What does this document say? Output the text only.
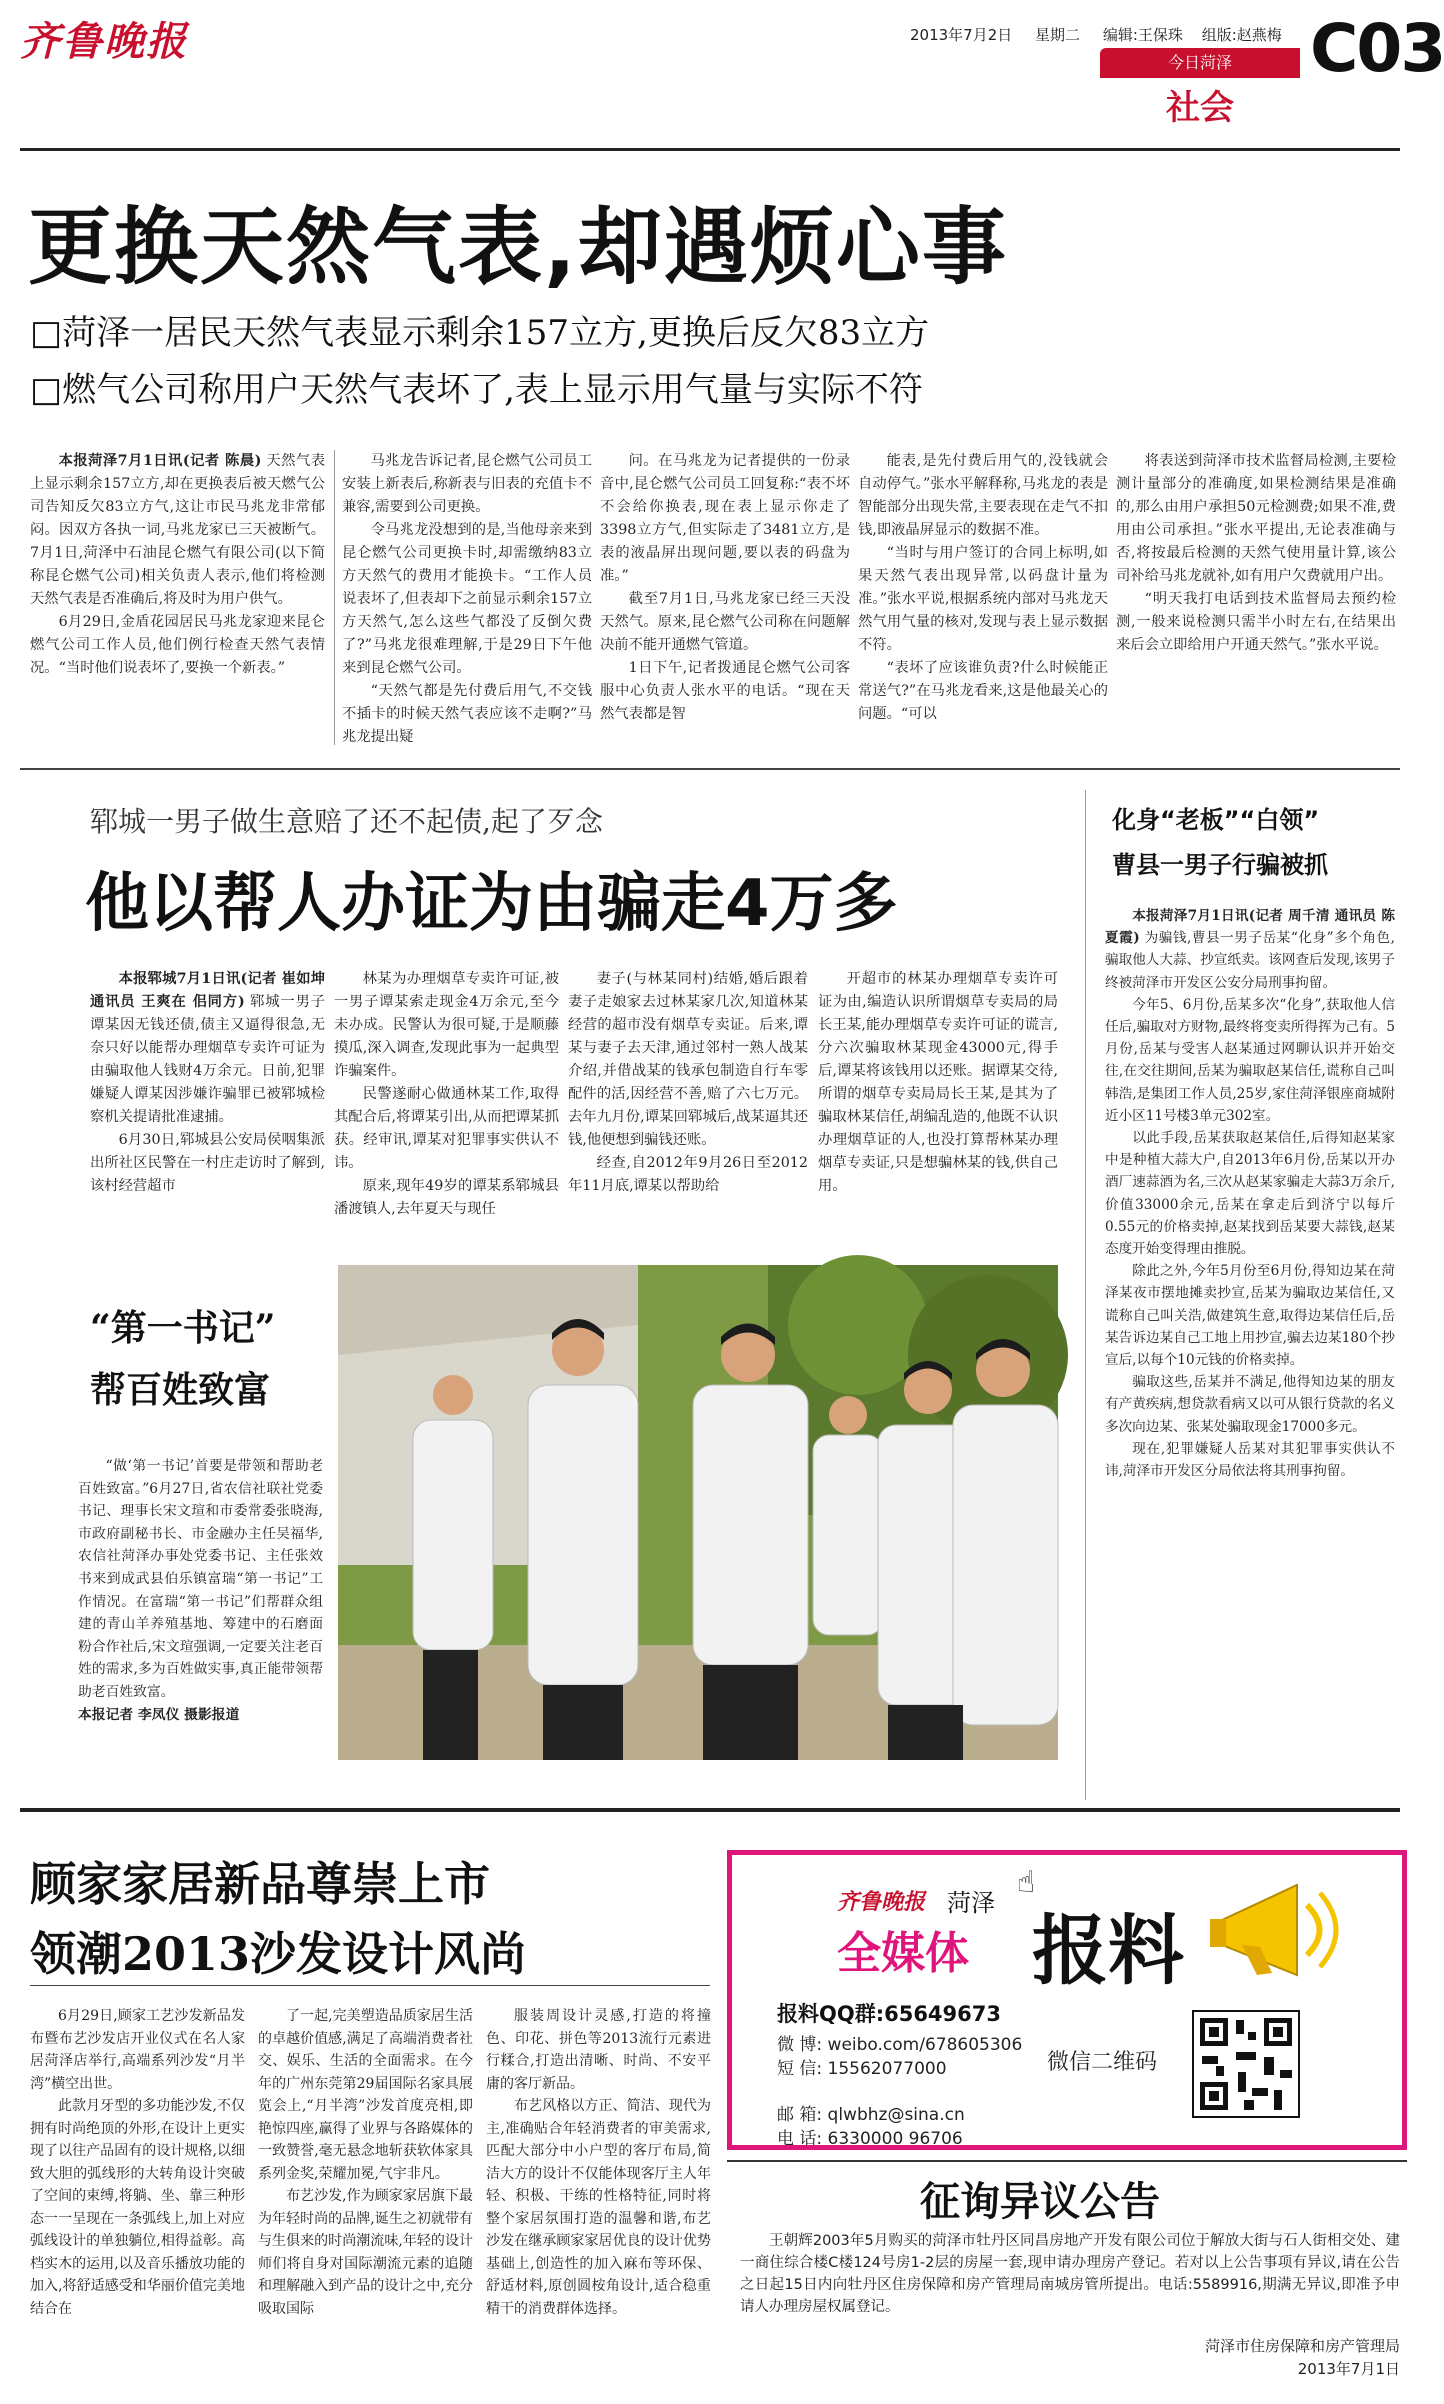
齐鲁晚报	2013年7月2日 星期二 编辑:王保珠 组版:赵燕梅
今日菏泽
社会
C03
更换天然气表,却遇烦心事
□菏泽一居民天然气表显示剩余157立方,更换后反欠83立方
□燃气公司称用户天然气表坏了,表上显示用气量与实际不符

本报菏泽7月1日讯(记者 陈晨) 天然气表上显示剩余157立方,却在更换表后被天燃气公司告知反欠83立方气,这让市民马兆龙非常郁闷。因双方各执一词,马兆龙家已三天被断气。7月1日,菏泽中石油昆仑燃气有限公司(以下简称昆仑燃气公司)相关负责人表示,他们将检测天然气表是否准确后,将及时为用户供气。

6月29日,金盾花园居民马兆龙家迎来昆仑燃气公司工作人员,他们例行检查天然气表情况。“当时他们说表坏了,要换一个新表。”

马兆龙告诉记者,昆仑燃气公司员工安装上新表后,称新表与旧表的充值卡不兼容,需要到公司更换。

令马兆龙没想到的是,当他母亲来到昆仑燃气公司更换卡时,却需缴纳83立方天然气的费用才能换卡。“工作人员说表坏了,但表却下之前显示剩余157立方天然气,怎么这些气都没了反倒欠费了?”马兆龙很难理解,于是29日下午他来到昆仑燃气公司。

“天然气都是先付费后用气,不交钱不插卡的时候天然气表应该不走啊?”马兆龙提出疑

问。在马兆龙为记者提供的一份录音中,昆仑燃气公司员工回复称:“表不坏不会给你换表,现在表上显示你走了3398立方气,但实际走了3481立方,是表的液晶屏出现问题,要以表的码盘为准。”

截至7月1日,马兆龙家已经三天没天然气。原来,昆仑燃气公司称在问题解决前不能开通燃气管道。

1日下午,记者拨通昆仑燃气公司客服中心负责人张水平的电话。“现在天然气表都是智

能表,是先付费后用气的,没钱就会自动停气。”张水平解释称,马兆龙的表是智能部分出现失常,主要表现在走气不扣钱,即液晶屏显示的数据不准。

“当时与用户签订的合同上标明,如果天然气表出现异常,以码盘计量为准。”张水平说,根据系统内部对马兆龙天然气用气量的核对,发现与表上显示数据不符。

“表坏了应该谁负责?什么时候能正常送气?”在马兆龙看来,这是他最关心的问题。“可以

将表送到菏泽市技术监督局检测,主要检测计量部分的准确度,如果检测结果是准确的,那么由用户承担50元检测费;如果不准,费用由公司承担。”张水平提出,无论表准确与否,将按最后检测的天然气使用量计算,该公司补给马兆龙就补,如有用户欠费就用户出。

“明天我打电话到技术监督局去预约检测,一般来说检测只需半小时左右,在结果出来后会立即给用户开通天然气。”张水平说。

郓城一男子做生意赔了还不起债,起了歹念
他以帮人办证为由骗走4万多

本报郓城7月1日讯(记者 崔如坤 通讯员 王爽在 佀同方) 郓城一男子谭某因无钱还债,债主又逼得很急,无奈只好以能帮办理烟草专卖许可证为由骗取他人钱财4万余元。日前,犯罪嫌疑人谭某因涉嫌诈骗罪已被郓城检察机关提请批准逮捕。

6月30日,郓城县公安局侯咽集派出所社区民警在一村庄走访时了解到,该村经营超市

林某为办理烟草专卖许可证,被一男子谭某索走现金4万余元,至今未办成。民警认为很可疑,于是顺藤摸瓜,深入调查,发现此事为一起典型诈骗案件。

民警遂耐心做通林某工作,取得其配合后,将谭某引出,从而把谭某抓获。经审讯,谭某对犯罪事实供认不讳。

原来,现年49岁的谭某系郓城县潘渡镇人,去年夏天与现任

妻子(与林某同村)结婚,婚后跟着妻子走娘家去过林某家几次,知道林某经营的超市没有烟草专卖证。后来,谭某与妻子去天津,通过邻村一熟人战某介绍,并借战某的钱承包制造自行车零配件的活,因经营不善,赔了六七万元。去年九月份,谭某回郓城后,战某逼其还钱,他便想到骗钱还账。

经查,自2012年9月26日至2012年11月底,谭某以帮助给

开超市的林某办理烟草专卖许可证为由,编造认识所谓烟草专卖局的局长王某,能办理烟草专卖许可证的谎言,分六次骗取林某现金43000元,得手后,谭某将该钱用以还账。据谭某交待,所谓的烟草专卖局局长王某,是其为了骗取林某信任,胡编乱造的,他既不认识办理烟草证的人,也没打算帮林某办理烟草专卖证,只是想骗林某的钱,供自己用。

化身“老板”“白领”
曹县一男子行骗被抓

本报菏泽7月1日讯(记者 周千清 通讯员 陈夏霞) 为骗钱,曹县一男子岳某“化身”多个角色,骗取他人大蒜、抄宣纸卖。该网查后发现,该男子终被菏泽市开发区公安分局刑事拘留。

今年5、6月份,岳某多次“化身”,获取他人信任后,骗取对方财物,最终将变卖所得挥为己有。5月份,岳某与受害人赵某通过网聊认识并开始交往,在交往期间,岳某为骗取赵某信任,谎称自己叫韩浩,是集团工作人员,25岁,家住菏泽银座商城附近小区11号楼3单元302室。

以此手段,岳某获取赵某信任,后得知赵某家中是种植大蒜大户,自2013年6月份,岳某以开办酒厂速蒜酒为名,三次从赵某家骗走大蒜3万余斤,价值33000余元,岳某在拿走后到济宁以每斤0.55元的价格卖掉,赵某找到岳某要大蒜钱,赵某态度开始变得理由推脱。

除此之外,今年5月份至6月份,得知边某在菏泽某夜市摆地摊卖抄宣,岳某为骗取边某信任,又谎称自己叫关浩,做建筑生意,取得边某信任后,岳某告诉边某自己工地上用抄宣,骗去边某180个抄宣后,以每个10元钱的价格卖掉。

骗取这些,岳某并不满足,他得知边某的朋友有产黄疾病,想贷款看病又以可从银行贷款的名义多次向边某、张某处骗取现金17000多元。

现在,犯罪嫌疑人岳某对其犯罪事实供认不讳,菏泽市开发区分局依法将其刑事拘留。

“第一书记”
帮百姓致富

“做‘第一书记’首要是带领和帮助老百姓致富。”6月27日,省农信社联社党委书记、理事长宋文瑄和市委常委张晓海,市政府副秘书长、市金融办主任吴福华,农信社菏泽办事处党委书记、主任张效书来到成武县伯乐镇富瑞“第一书记”工作情况。在富瑞“第一书记”们帮群众组建的青山羊养殖基地、筹建中的石磨面粉合作社后,宋文瑄强调,一定要关注老百姓的需求,多为百姓做实事,真正能带领帮助老百姓致富。

本报记者 李凤仪 摄影报道

顾家家居新品尊崇上市
领潮2013沙发设计风尚

6月29日,顾家工艺沙发新品发布暨布艺沙发店开业仪式在名人家居菏泽店举行,高端系列沙发“月半湾”横空出世。

此款月牙型的多功能沙发,不仅拥有时尚绝顶的外形,在设计上更实现了以往产品固有的设计规格,以细致大胆的弧线形的大转角设计突破了空间的束缚,将躺、坐、靠三种形态一一呈现在一条弧线上,加上对应弧线设计的单独躺位,相得益彰。高档实木的运用,以及音乐播放功能的加入,将舒适感受和华丽价值完美地结合在

了一起,完美塑造品质家居生活的卓越价值感,满足了高端消费者社交、娱乐、生活的全面需求。在今年的广州东莞第29届国际名家具展览会上,“月半湾”沙发首度亮相,即艳惊四座,赢得了业界与各路媒体的一致赞誉,毫无悬念地斩获软体家具系列金奖,荣耀加冕,气宇非凡。

布艺沙发,作为顾家家居旗下最为年轻时尚的品牌,诞生之初就带有与生俱来的时尚潮流味,年轻的设计师们将自身对国际潮流元素的追随和理解融入到产品的设计之中,充分吸取国际

服装周设计灵感,打造的将撞色、印花、拼色等2013流行元素进行糅合,打造出清晰、时尚、不安平庸的客厅新品。

布艺风格以方正、简洁、现代为主,准确贴合年轻消费者的审美需求,匹配大部分中小户型的客厅布局,简洁大方的设计不仅能体现客厅主人年轻、积极、干练的性格特征,同时将整个家居氛围打造的温馨和谐,布艺沙发在继承顾家家居优良的设计优势基础上,创造性的加入麻布等环保、舒适材料,原创圆桉角设计,适合稳重精干的消费群体选择。

齐鲁晚报 菏泽
☝
全媒体 报料
报料QQ群:65649673
微 博: weibo.com/678605306
短 信: 15562077000
邮 箱: qlwbhz@sina.cn
电 话: 6330000 96706
微信二维码
征询异议公告

王朝辉2003年5月购买的菏泽市牡丹区同昌房地产开发有限公司位于解放大街与石人街相交处、建一商住综合楼C楼124号房1-2层的房屋一套,现申请办理房产登记。若对以上公告事项有异议,请在公告之日起15日内向牡丹区住房保障和房产管理局南城房管所提出。电话:5589916,期满无异议,即准予申请人办理房屋权属登记。

菏泽市住房保障和房产管理局
2013年7月1日
